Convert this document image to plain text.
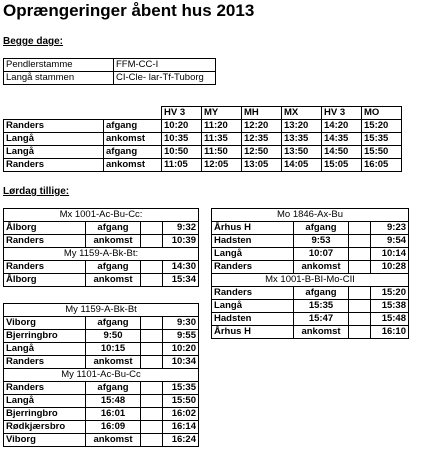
Oprængeringer åbent hus 2013
Begge dage:
Pendlerstamme	FFM-CC-I
Langå stammen	CI-Cle- lar-Tf-Tuborg
		HV 3	MY	MH	MX	HV 3	MO
Randers	afgang	10:20	11:20	12:20	13:20	14:20	15:20
Langå	ankomst	10:35	11:35	12:35	13:35	14:35	15:35
Langå	afgang	10:50	11:50	12:50	13:50	14:50	15:50
Randers	ankomst	11:05	12:05	13:05	14:05	15:05	16:05
Lørdag tillige:
Mx 1001-Ac-Bu-Cc:			
Ålborg	afgang		9:32
Randers	ankomst		10:39
My 1159-A-Bk-Bt:			
Randers	afgang		14:30
Ålborg	ankomst		15:34
My 1159-A-Bk-Bt			
Viborg	afgang		9:30
Bjerringbro	9:50		9:55
Langå	10:15		10:20
Randers	ankomst		10:34
My 1101-Ac-Bu-Cc			
Randers	afgang		15:35
Langå	15:48		15:50
Bjerringbro	16:01		16:02
Rødkjærsbro	16:09		16:14
Viborg	ankomst		16:24
Mo 1846-Ax-Bu			
Århus H	afgang		9:23
Hadsten	9:53		9:54
Langå	10:07		10:14
Randers	ankomst		10:28
Mx 1001-B-BI-Mo-CII			
Randers	afgang		15:20
Langå	15:35		15:38
Hadsten	15:47		15:48
Århus H	ankomst		16:10
